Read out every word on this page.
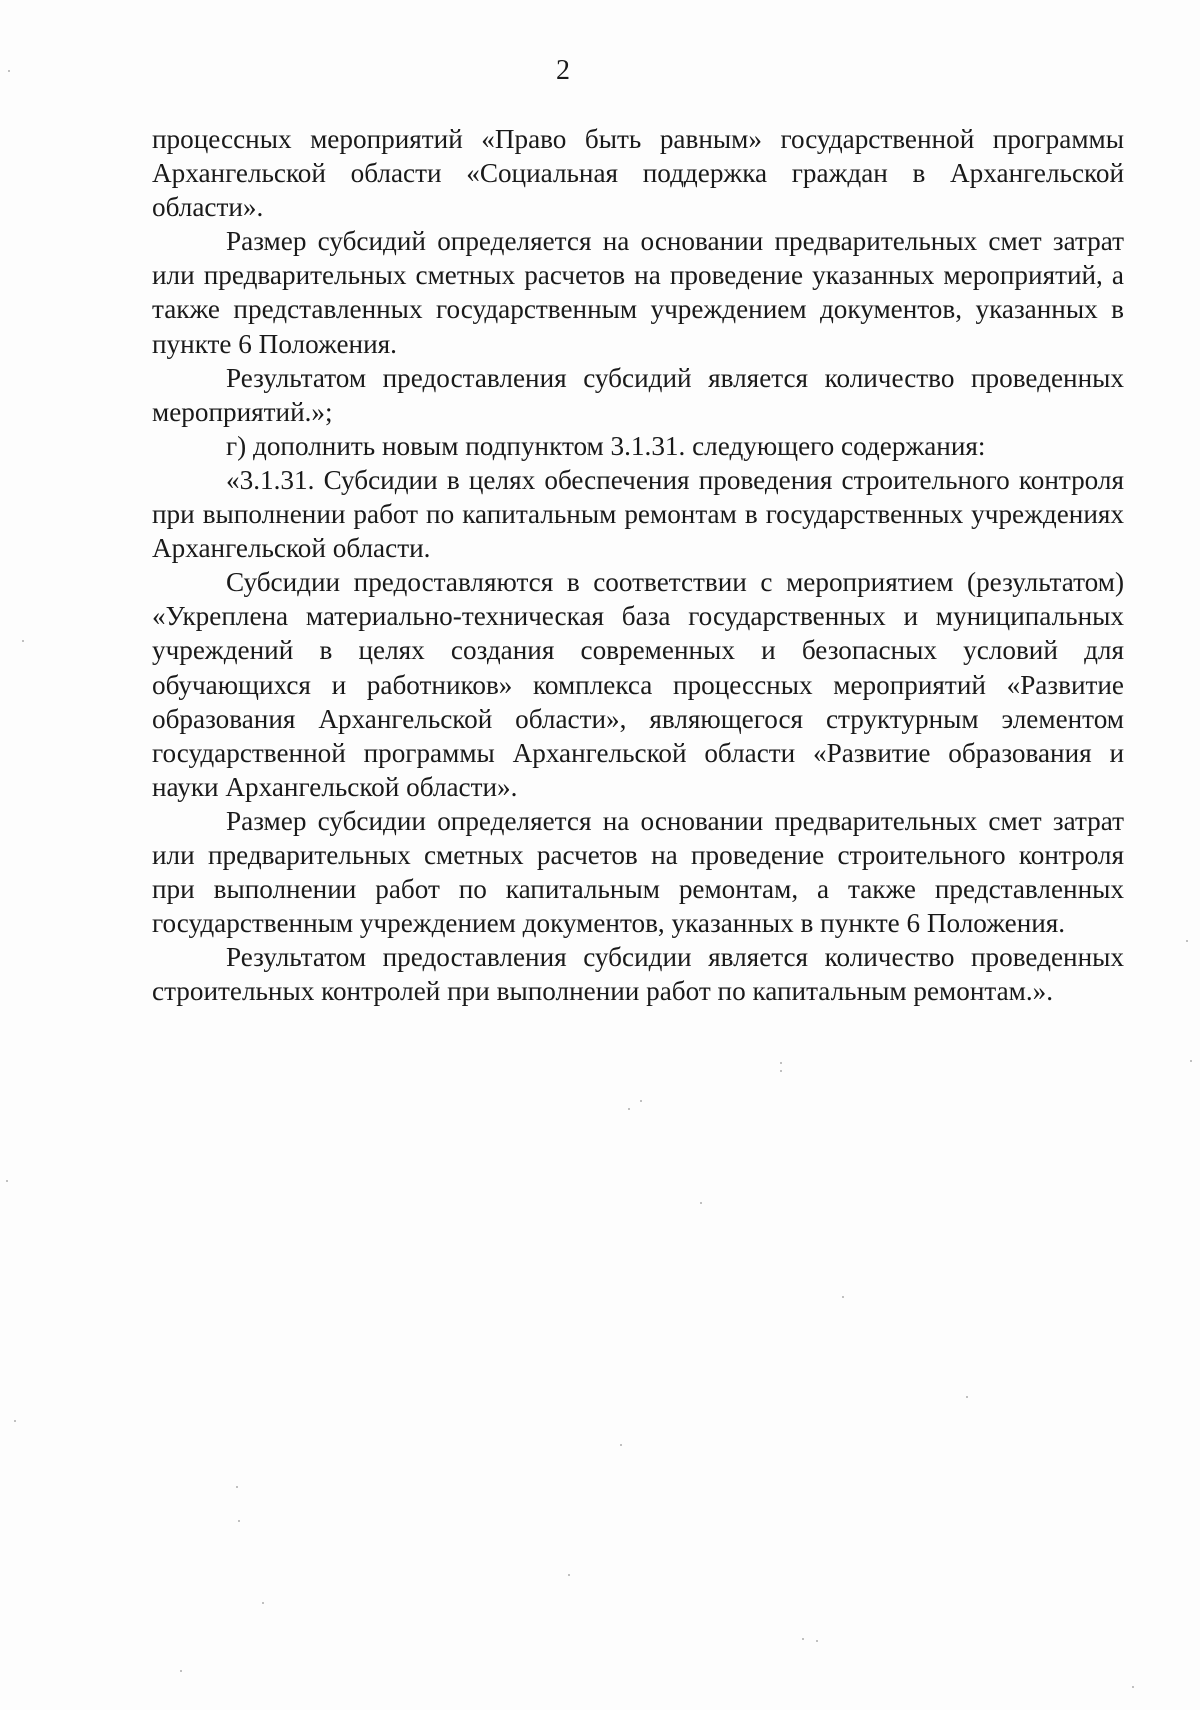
2

процессных мероприятий «Право быть равным» государственной программы Архангельской области «Социальная поддержка граждан в Архангельской области».

Размер субсидий определяется на основании предварительных смет затрат или предварительных сметных расчетов на проведение указанных мероприятий, а также представленных государственным учреждением документов, указанных в пункте 6 Положения.

Результатом предоставления субсидий является количество проведенных мероприятий.»;

г) дополнить новым подпунктом 3.1.31. следующего содержания:

«3.1.31. Субсидии в целях обеспечения проведения строительного контроля при выполнении работ по капитальным ремонтам в государственных учреждениях Архангельской области.

Субсидии предоставляются в соответствии с мероприятием (результатом) «Укреплена материально-техническая база государственных и муниципальных учреждений в целях создания современных и безопасных условий для обучающихся и работников» комплекса процессных мероприятий «Развитие образования Архангельской области», являющегося структурным элементом государственной программы Архангельской области «Развитие образования и науки Архангельской области».

Размер субсидии определяется на основании предварительных смет затрат или предварительных сметных расчетов на проведение строительного контроля при выполнении работ по капитальным ремонтам, а также представленных государственным учреждением документов, указанных в пункте 6 Положения.

Результатом предоставления субсидии является количество проведенных строительных контролей при выполнении работ по капитальным ремонтам.».
